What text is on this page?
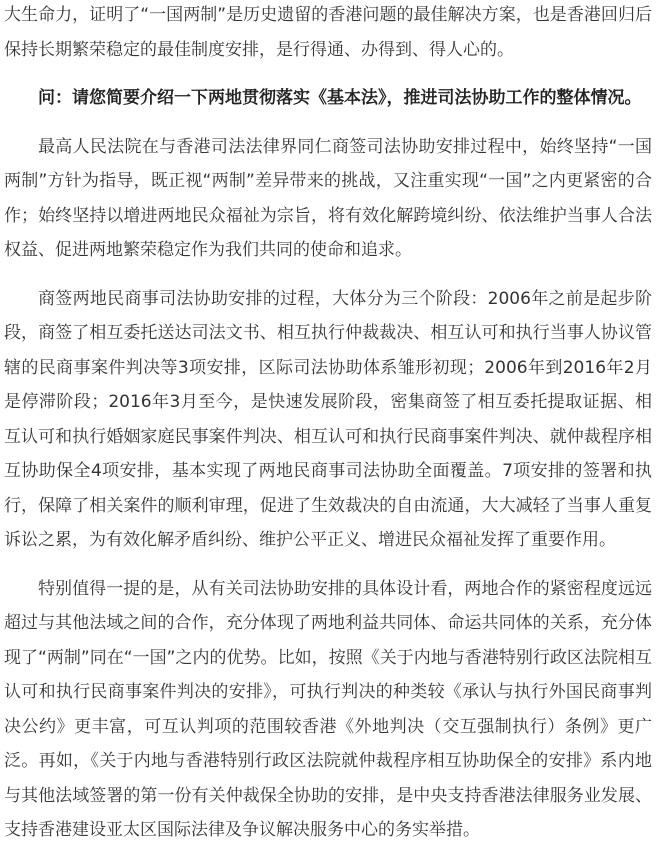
大生命力，证明了“一国两制”是历史遗留的香港问题的最佳解决方案，也是香港回归后保持长期繁荣稳定的最佳制度安排，是行得通、办得到、得人心的。

问：请您简要介绍一下两地贯彻落实《基本法》，推进司法协助工作的整体情况。

最高人民法院在与香港司法法律界同仁商签司法协助安排过程中，始终坚持“一国两制”方针为指导，既正视“两制”差异带来的挑战，又注重实现“一国”之内更紧密的合作；始终坚持以增进两地民众福祉为宗旨，将有效化解跨境纠纷、依法维护当事人合法权益、促进两地繁荣稳定作为我们共同的使命和追求。

商签两地民商事司法协助安排的过程，大体分为三个阶段：2006年之前是起步阶段，商签了相互委托送达司法文书、相互执行仲裁裁决、相互认可和执行当事人协议管辖的民商事案件判决等3项安排，区际司法协助体系雏形初现；2006年到2016年2月是停滞阶段；2016年3月至今，是快速发展阶段，密集商签了相互委托提取证据、相互认可和执行婚姻家庭民事案件判决、相互认可和执行民商事案件判决、就仲裁程序相互协助保全4项安排，基本实现了两地民商事司法协助全面覆盖。7项安排的签署和执行，保障了相关案件的顺利审理，促进了生效裁决的自由流通，大大减轻了当事人重复诉讼之累，为有效化解矛盾纠纷、维护公平正义、增进民众福祉发挥了重要作用。

特别值得一提的是，从有关司法协助安排的具体设计看，两地合作的紧密程度远远超过与其他法域之间的合作，充分体现了两地利益共同体、命运共同体的关系，充分体现了“两制”同在“一国”之内的优势。比如，按照《关于内地与香港特别行政区法院相互认可和执行民商事案件判决的安排》，可执行判决的种类较《承认与执行外国民商事判决公约》更丰富，可互认判项的范围较香港《外地判决（交互强制执行）条例》更广泛。再如，《关于内地与香港特别行政区法院就仲裁程序相互协助保全的安排》系内地与其他法域签署的第一份有关仲裁保全协助的安排，是中央支持香港法律服务业发展、支持香港建设亚太区国际法律及争议解决服务中心的务实举措。
